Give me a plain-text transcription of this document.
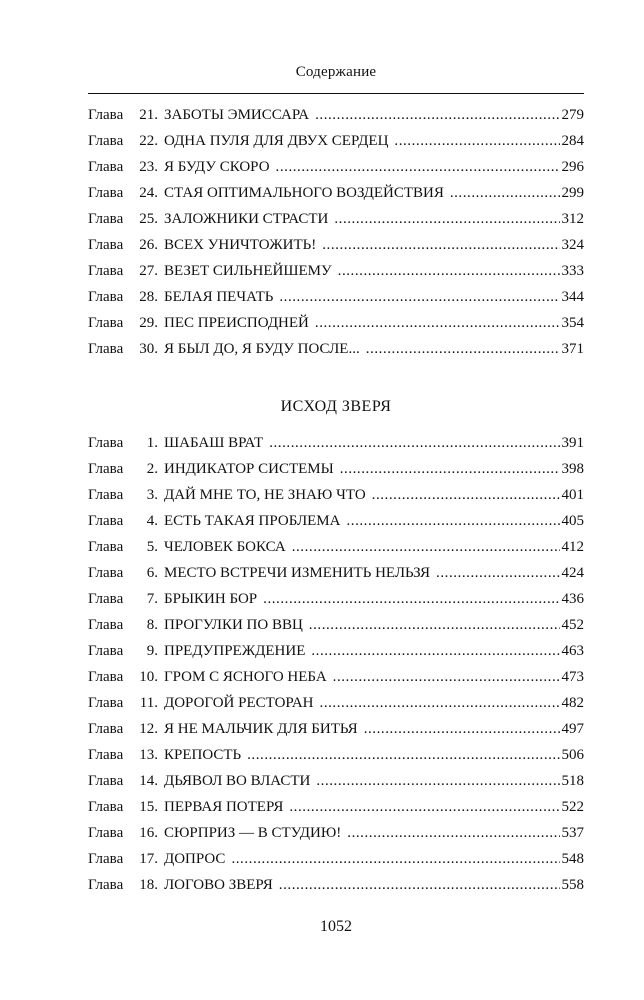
Содержание
Глава	21 . ЗАБОТЫ ЭМИССАРА . . .	279
Глава	22 . ОДНА ПУЛЯ ДЛЯ ДВУХ СЕРДЕЦ . . .	284
Глава	23 . Я БУДУ СКОРО . . .	296
Глава	24 . СТАЯ ОПТИМАЛЬНОГО ВОЗДЕЙСТВИЯ . . .	299
Глава	25 . ЗАЛОЖНИКИ СТРАСТИ . . .	312
Глава	26 . ВСЕХ УНИЧТОЖИТЬ! . . .	324
Глава	27 . ВЕЗЕТ СИЛЬНЕЙШЕМУ . . .	333
Глава	28 . БЕЛАЯ ПЕЧАТЬ . . .	344
Глава	29 . ПЕС ПРЕИСПОДНЕЙ . . .	354
Глава	30 . Я БЫЛ ДО, Я БУДУ ПОСЛЕ... . . .	371
ИСХОД ЗВЕРЯ
Глава	1 . ШАБАШ ВРАТ . . .	391
Глава	2 . ИНДИКАТОР СИСТЕМЫ . . .	398
Глава	3 . ДАЙ МНЕ ТО, НЕ ЗНАЮ ЧТО . . .	401
Глава	4 . ЕСТЬ ТАКАЯ ПРОБЛЕМА . . .	405
Глава	5 . ЧЕЛОВЕК БОКСА . . .	412
Глава	6 . МЕСТО ВСТРЕЧИ ИЗМЕНИТЬ НЕЛЬЗЯ . . .	424
Глава	7 . БРЫКИН БОР . . .	436
Глава	8 . ПРОГУЛКИ ПО ВВЦ . . .	452
Глава	9 . ПРЕДУПРЕЖДЕНИЕ . . .	463
Глава	10 . ГРОМ С ЯСНОГО НЕБА . . .	473
Глава	11 . ДОРОГОЙ РЕСТОРАН . . .	482
Глава	12 . Я НЕ МАЛЬЧИК ДЛЯ БИТЬЯ . . .	497
Глава	13 . КРЕПОСТЬ . . .	506
Глава	14 . ДЬЯВОЛ ВО ВЛАСТИ . . .	518
Глава	15 . ПЕРВАЯ ПОТЕРЯ . . .	522
Глава	16 . СЮРПРИЗ — В СТУДИЮ! . . .	537
Глава	17 . ДОПРОС . . .	548
Глава	18 . ЛОГОВО ЗВЕРЯ . . .	558
1052
